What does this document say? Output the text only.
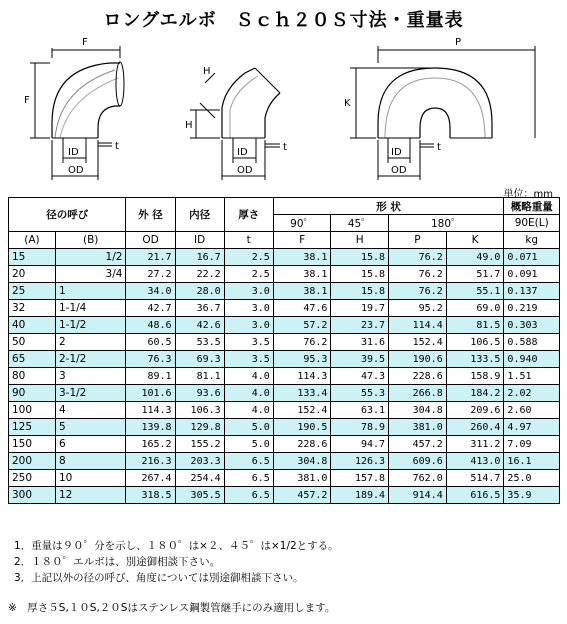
ロングエルボ　Ｓｃｈ２０Ｓ寸法・重量表
F
F
ID
OD
t
H
H
ID
OD
t
P
K
ID
OD
t
単位：mm
径の呼び		外 径	内径	厚さ	形 状				概略重量
					90゜	45゜	180゜		90E(L)
(A)	(B)	OD	ID	t	F	H	P	K	kg
15	1/2	21.7	16.7	2.5	38.1	15.8	76.2	49.0	0.071
20	3/4	27.2	22.2	2.5	38.1	15.8	76.2	51.7	0.091
25	1	34.0	28.0	3.0	38.1	15.8	76.2	55.1	0.137
32	1-1/4	42.7	36.7	3.0	47.6	19.7	95.2	69.0	0.219
40	1-1/2	48.6	42.6	3.0	57.2	23.7	114.4	81.5	0.303
50	2	60.5	53.5	3.5	76.2	31.6	152.4	106.5	0.588
65	2-1/2	76.3	69.3	3.5	95.3	39.5	190.6	133.5	0.940
80	3	89.1	81.1	4.0	114.3	47.3	228.6	158.9	1.51
90	3-1/2	101.6	93.6	4.0	133.4	55.3	266.8	184.2	2.02
100	4	114.3	106.3	4.0	152.4	63.1	304.8	209.6	2.60
125	5	139.8	129.8	5.0	190.5	78.9	381.0	260.4	4.97
150	6	165.2	155.2	5.0	228.6	94.7	457.2	311.2	7.09
200	8	216.3	203.3	6.5	304.8	126.3	609.6	413.0	16.1
250	10	267.4	254.4	6.5	381.0	157.8	762.0	514.7	25.0
300	12	318.5	305.5	6.5	457.2	189.4	914.4	616.5	35.9
1．重量は９０゜分を示し、１８０゜は×２、４５゜は×1/2とする。
2．１８０゜エルボは、別途御相談下さい。
3．上記以外の径の呼び、角度については別途御相談下さい。
※　厚さ５S,１０S,２０Sはステンレス鋼製管継手にのみ適用します。
